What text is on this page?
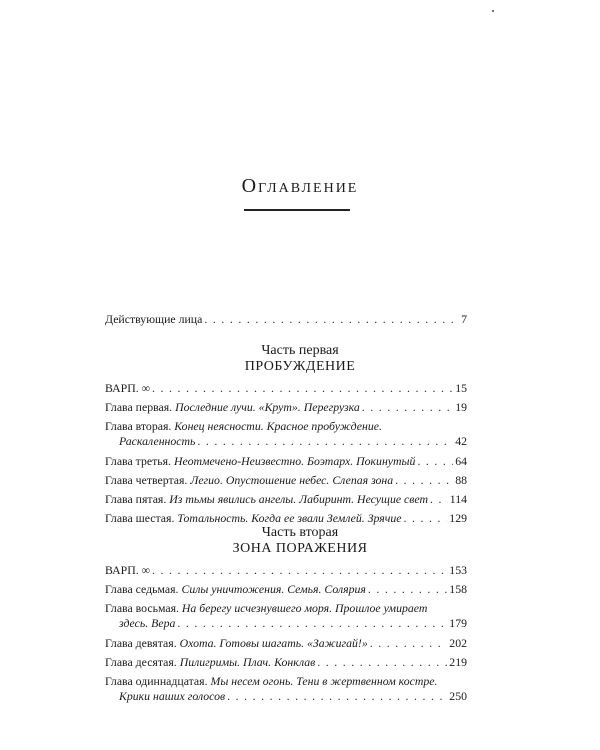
Оглавление
Действующие лица . . .	7
Часть первая
ПРОБУЖДЕНИЕ
ВАРП. ∞ . . .	15
Глава первая. Последние лучи. «Крут». Перегрузка . . .	19
Глава вторая. Конец неясности. Красное пробуждение.
Раскаленность . . .	42
Глава третья. Неотмечено-Неизвестно. Боэтарх. Покинутый . . .	64
Глава четвертая. Легио. Опустошение небес. Слепая зона . . .	88
Глава пятая. Из тьмы явились ангелы. Лабиринт. Несущие свет . . . 114
Глава шестая. Тотальность. Когда ее звали Землей. Зрячие . . .	129
Часть вторая
ЗОНА ПОРАЖЕНИЯ
ВАРП. ∞ . . .	153
Глава седьмая. Силы уничтожения. Семья. Солярия . . .	158
Глава восьмая. На берегу исчезнувшего моря. Прошлое умирает
здесь. Вера . . .	179
Глава девятая. Охота. Готовы шагать. «Зажигай!» . . .	202
Глава десятая. Пилигримы. Плач. Конклав . . .	219
Глава одиннадцатая. Мы несем огонь. Тени в жертвенном костре.
Крики наших голосов . . .	250
